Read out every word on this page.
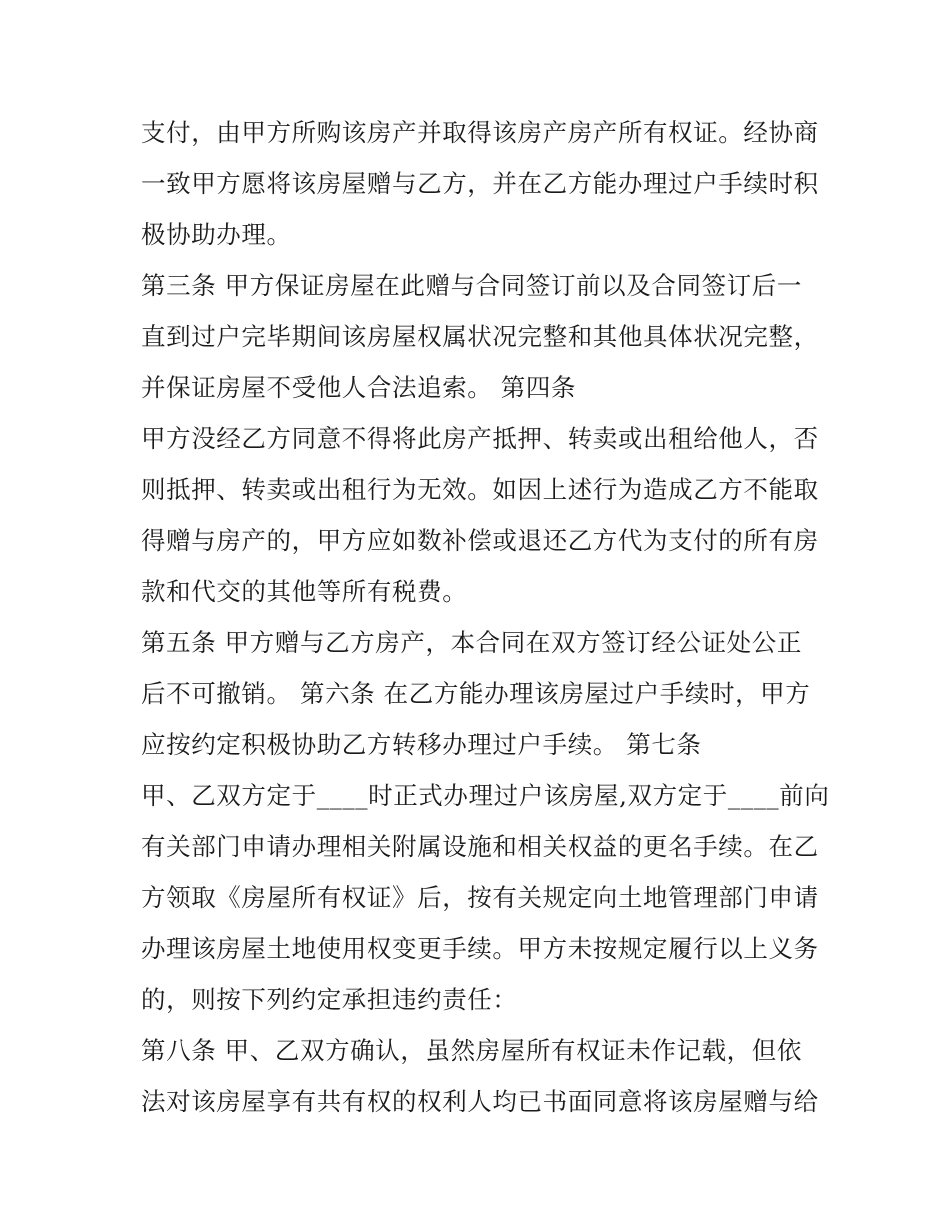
支付，由甲方所购该房产并取得该房产房产所有权证。经协商
一致甲方愿将该房屋赠与乙方，并在乙方能办理过户手续时积
极协助办理。
第三条 甲方保证房屋在此赠与合同签订前以及合同签订后一
直到过户完毕期间该房屋权属状况完整和其他具体状况完整，
并保证房屋不受他人合法追索。 第四条
甲方没经乙方同意不得将此房产抵押、转卖或出租给他人，否
则抵押、转卖或出租行为无效。如因上述行为造成乙方不能取
得赠与房产的，甲方应如数补偿或退还乙方代为支付的所有房
款和代交的其他等所有税费。
第五条 甲方赠与乙方房产，本合同在双方签订经公证处公正
后不可撤销。 第六条 在乙方能办理该房屋过户手续时，甲方
应按约定积极协助乙方转移办理过户手续。 第七条
甲、乙双方定于____时正式办理过户该房屋,双方定于____前向
有关部门申请办理相关附属设施和相关权益的更名手续。在乙
方领取《房屋所有权证》后，按有关规定向土地管理部门申请
办理该房屋土地使用权变更手续。甲方未按规定履行以上义务
的，则按下列约定承担违约责任：
第八条 甲、乙双方确认，虽然房屋所有权证未作记载，但依
法对该房屋享有共有权的权利人均已书面同意将该房屋赠与给
